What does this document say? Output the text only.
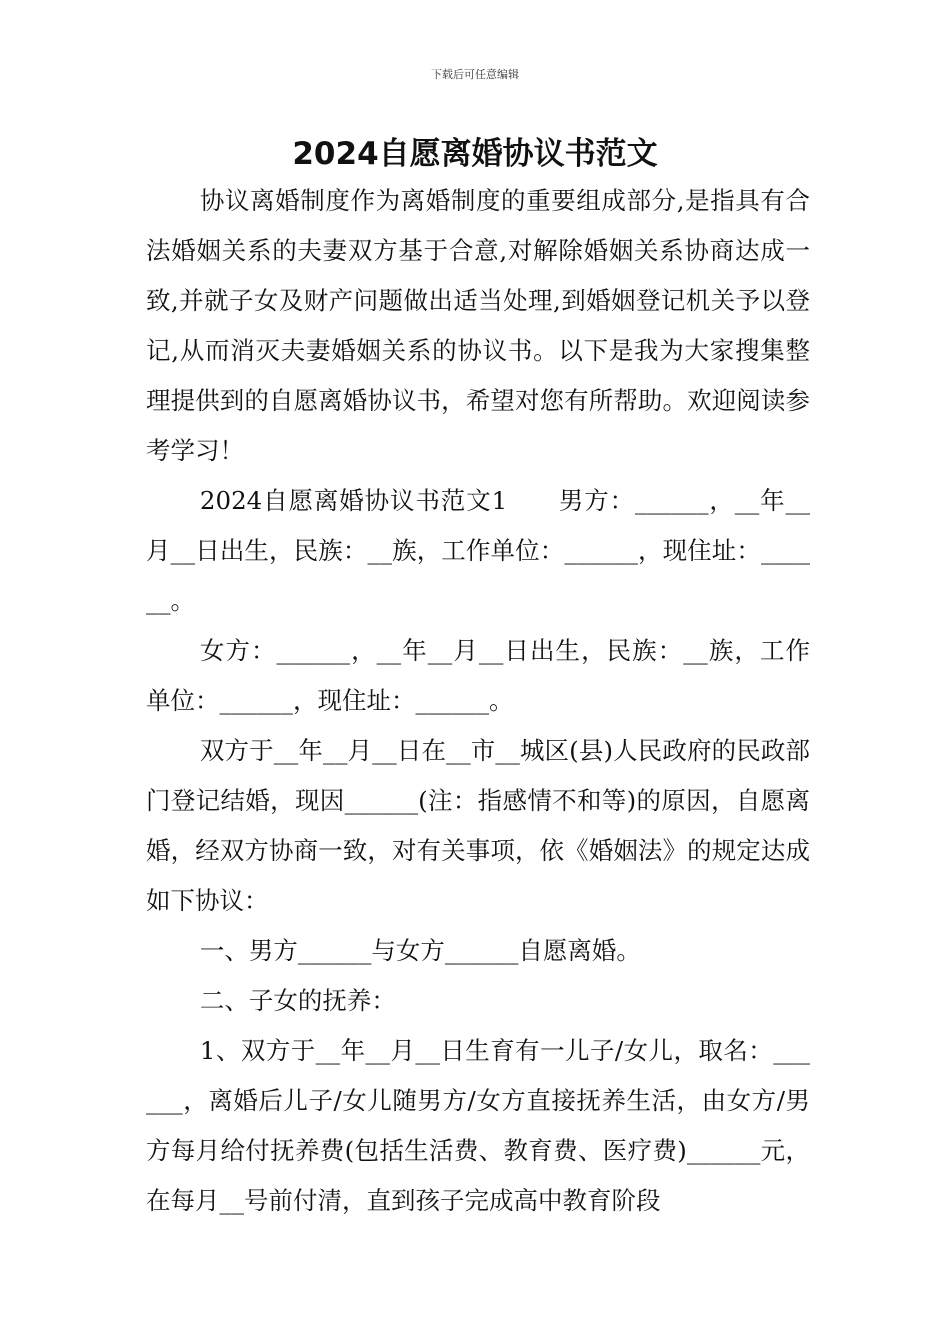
下载后可任意编辑
2024自愿离婚协议书范文

协议离婚制度作为离婚制度的重要组成部分,是指具有合法婚姻关系的夫妻双方基于合意,对解除婚姻关系协商达成一致,并就子女及财产问题做出适当处理,到婚姻登记机关予以登记,从而消灭夫妻婚姻关系的协议书。以下是我为大家搜集整理提供到的自愿离婚协议书，希望对您有所帮助。欢迎阅读参考学习！

2024自愿离婚协议书范文1　　男方：______，__年__月__日出生，民族：__族，工作单位：______，现住址：______。

女方：______，__年__月__日出生，民族：__族，工作单位：______，现住址：______。

双方于__年__月__日在__市__城区(县)人民政府的民政部门登记结婚，现因______(注：指感情不和等)的原因，自愿离婚，经双方协商一致，对有关事项，依《婚姻法》的规定达成如下协议：

一、男方______与女方______自愿离婚。

二、子女的抚养：

1、双方于__年__月__日生育有一儿子/女儿，取名：______，离婚后儿子/女儿随男方/女方直接抚养生活，由女方/男方每月给付抚养费(包括生活费、教育费、医疗费)______元，在每月__号前付清，直到孩子完成高中教育阶段
